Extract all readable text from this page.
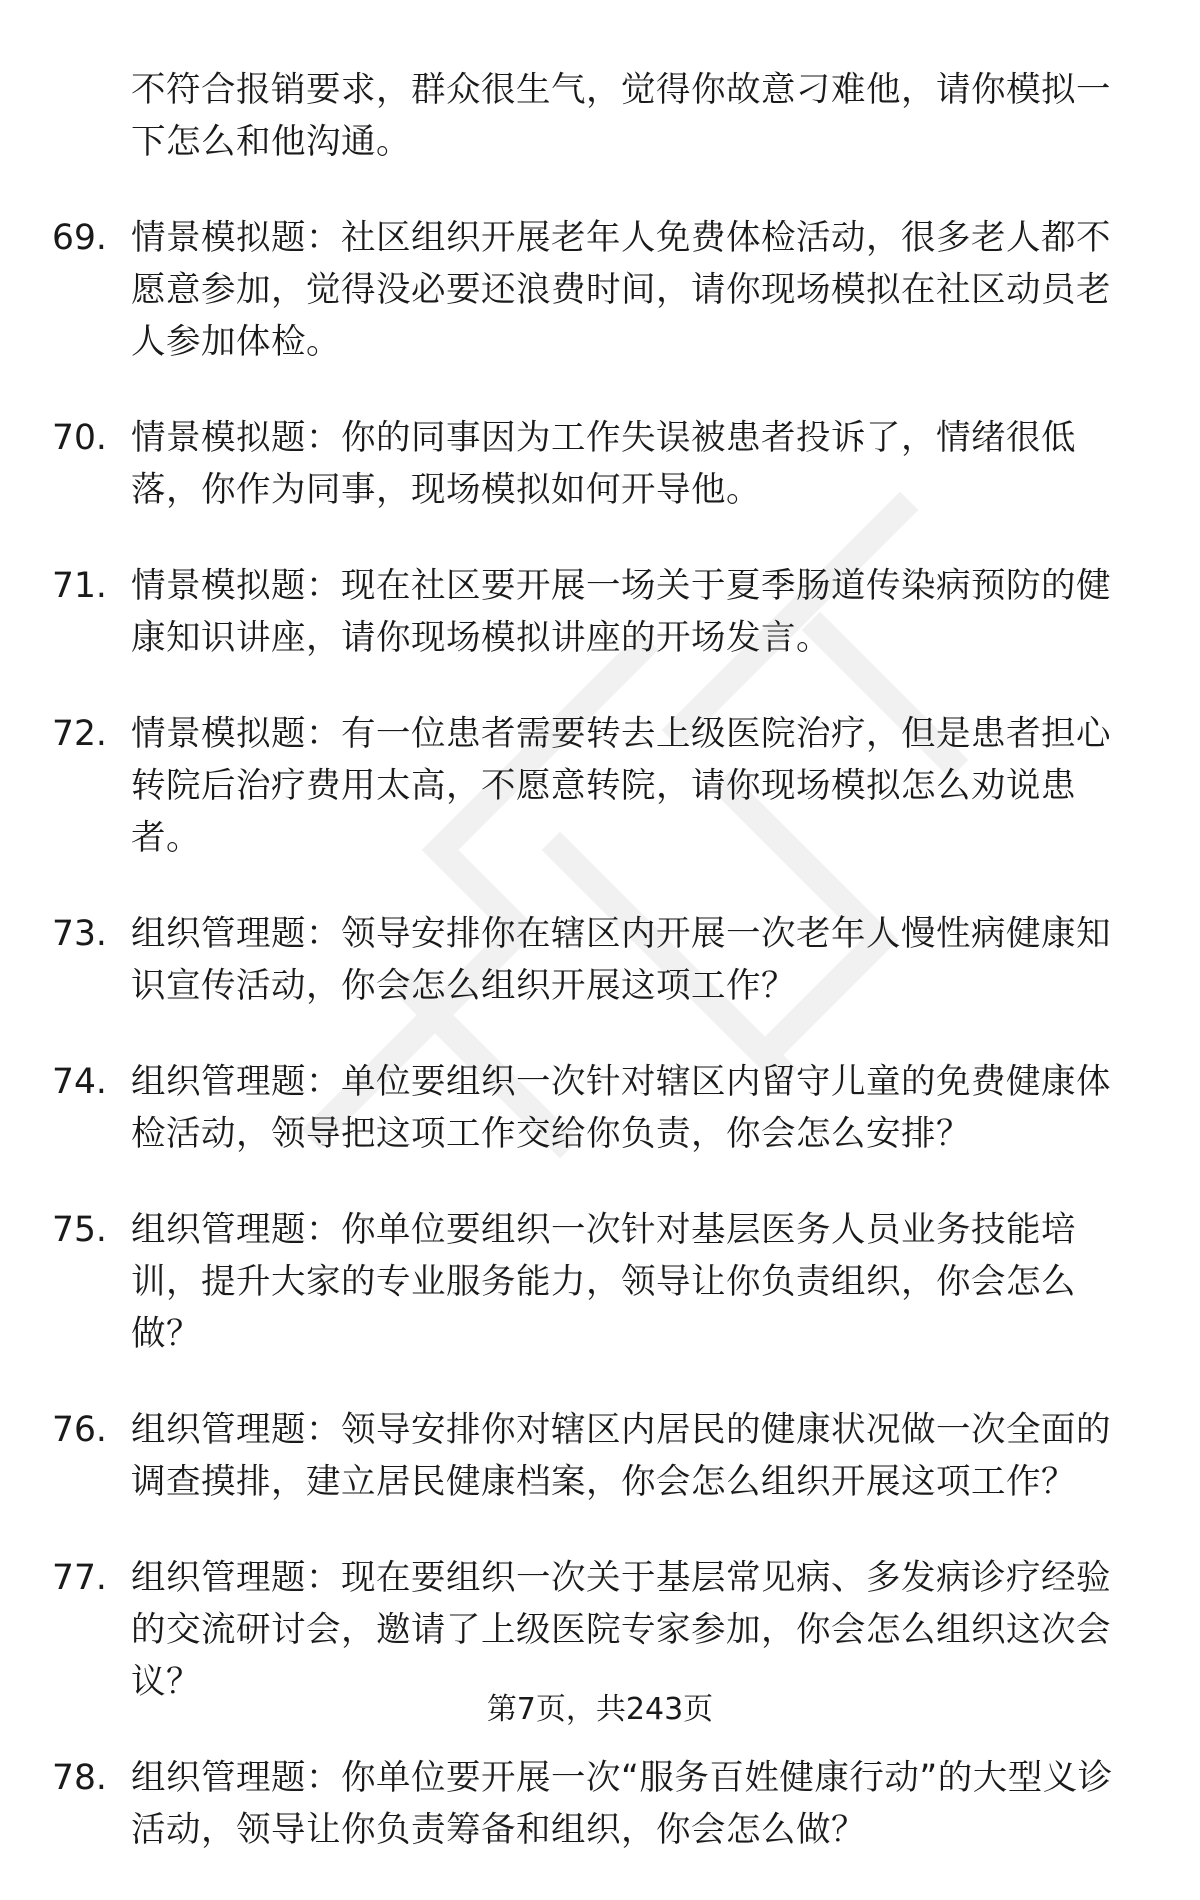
不符合报销要求，群众很生气，觉得你故意刁难他，请你模拟一下怎么和他沟通。
69. 情景模拟题：社区组织开展老年人免费体检活动，很多老人都不愿意参加，觉得没必要还浪费时间，请你现场模拟在社区动员老人参加体检。
70. 情景模拟题：你的同事因为工作失误被患者投诉了，情绪很低落，你作为同事，现场模拟如何开导他。
71. 情景模拟题：现在社区要开展一场关于夏季肠道传染病预防的健康知识讲座，请你现场模拟讲座的开场发言。
72. 情景模拟题：有一位患者需要转去上级医院治疗，但是患者担心转院后治疗费用太高，不愿意转院，请你现场模拟怎么劝说患者。
73. 组织管理题：领导安排你在辖区内开展一次老年人慢性病健康知识宣传活动，你会怎么组织开展这项工作？
74. 组织管理题：单位要组织一次针对辖区内留守儿童的免费健康体检活动，领导把这项工作交给你负责，你会怎么安排？
75. 组织管理题：你单位要组织一次针对基层医务人员业务技能培训，提升大家的专业服务能力，领导让你负责组织，你会怎么做？
76. 组织管理题：领导安排你对辖区内居民的健康状况做一次全面的调查摸排，建立居民健康档案，你会怎么组织开展这项工作？
77. 组织管理题：现在要组织一次关于基层常见病、多发病诊疗经验的交流研讨会，邀请了上级医院专家参加，你会怎么组织这次会议？
78. 组织管理题：你单位要开展一次“服务百姓健康行动”的大型义诊活动，领导让你负责筹备和组织，你会怎么做？
第7页，共243页
